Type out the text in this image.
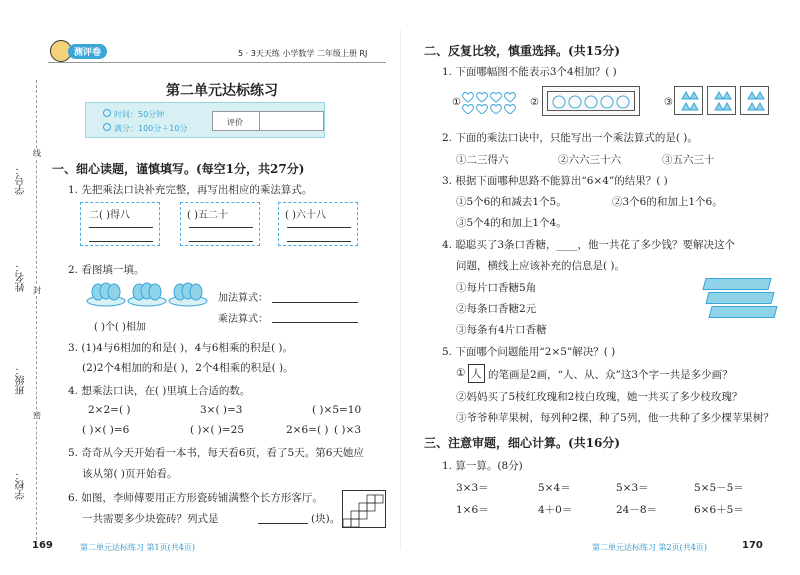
学校：
班级：
姓名：
学号：
线
封
密
测评卷	5 · 3天天练 小学数学 二年级上册 RJ
第二单元达标练习
时间：50分钟
满分：100分＋10分
评价
一、细心读题，谨慎填写。(每空1分，共27分)
1. 先把乘法口诀补充完整，再写出相应的乘法算式。
二( )得八	( )五二十	( )六十八
2. 看图填一填。
( )个( )相加
加法算式：
乘法算式：
3. (1)4与6相加的和是( )，4与6相乘的积是( )。
(2)2个4相加的和是( )，2个4相乘的积是( )。
4. 想乘法口诀，在( )里填上合适的数。
2×2=( )	3×( )=3	( )×5=10
( )×( )=6	( )×( )=25	2×6=( ) ( )×3
5. 奇奇从今天开始看一本书，每天看6页，看了5天。第6天她应
该从第( )页开始看。
6. 如图，李师傅要用正方形瓷砖铺满整个长方形客厅。
一共需要多少块瓷砖？列式是	(块)。
二、反复比较，慎重选择。(共15分)
1. 下面哪幅图不能表示3个4相加？( )
①	②	③
2. 下面的乘法口诀中，只能写出一个乘法算式的是( )。
①二三得六	②六六三十六	③五六三十
3. 根据下面哪种思路不能算出“6×4”的结果？( )
①5个6的和减去1个5。	②3个6的和加上1个6。
③5个4的和加上1个4。
4. 聪聪买了3条口香糖，____，他一共花了多少钱？要解决这个
问题，横线上应该补充的信息是( )。
①每片口香糖5角
②每条口香糖2元
③每条有4片口香糖
5. 下面哪个问题能用“2×5”解决？( )
① 人 的笔画是2画，“人、从、众”这3个字一共是多少画？
②妈妈买了5枝红玫瑰和2枝白玫瑰，她一共买了多少枝玫瑰？
③爷爷种苹果树，每列种2棵，种了5列，他一共种了多少棵苹果树？
三、注意审题，细心计算。(共16分)
1. 算一算。(8分)
3×3＝	5×4＝	5×3＝	5×5－5＝
1×6＝	4＋0＝	24－8＝	6×6＋5＝
169	第二单元达标练习 第1页(共4页)	第二单元达标练习 第2页(共4页)	170
